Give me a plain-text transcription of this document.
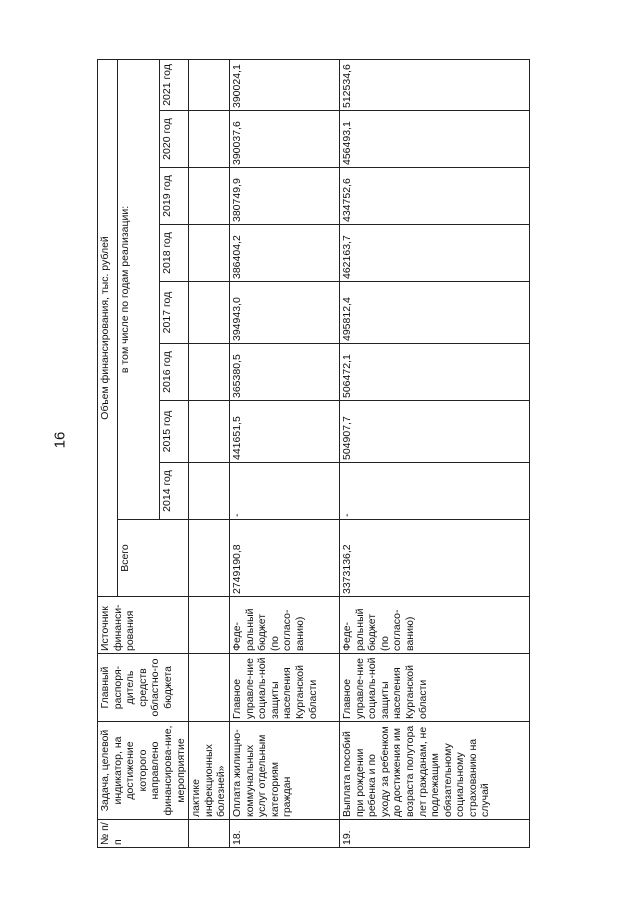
16
№ п/п	Задача, целевой индикатор, на достижение которого направлено финансирова-ние, мероприятие	Главный распоря-дитель средств областно-го бюджета	Источник финанси-рования	Объем финансирования, тыс. рублей								
				Всего	в том числе по годам реализации:							
					2014 год	2015 год	2016 год	2017 год	2018 год	2019 год	2020 год	2021 год
	лактике инфекционных болезней»											
18.	Оплата жилищно-коммунальных услуг отдельным категориям граждан	Главное управле-ние социаль-ной защиты населения Курганской области	Феде-ральный бюджет (по согласо-ванию)	2749190,8	-	441651,5	365380,5	394943,0	386404,2	380749,9	390037,6	390024,1
19.	Выплата пособий при рождении ребенка и по уходу за ребенком до достижения им возраста полутора лет гражданам, не подлежащим обязательному социальному страхованию на случай	Главное управле-ние социаль-ной защиты населения Курганской области	Феде-ральный бюджет (по согласо-ванию)	3373136,2	-	504907,7	506472,1	495812,4	462163,7	434752,6	456493,1	512534,6
